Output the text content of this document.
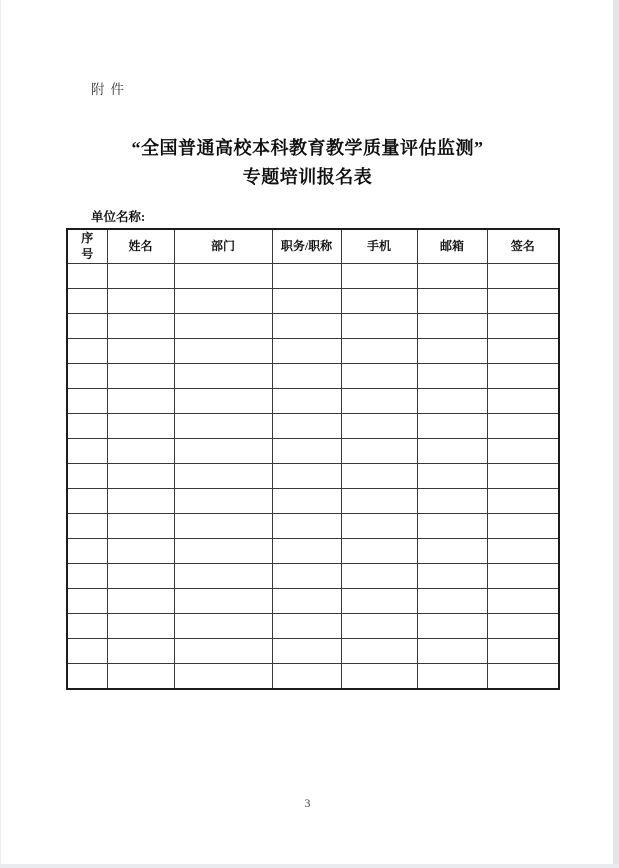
附件
“全国普通高校本科教育教学质量评估监测”
专题培训报名表
单位名称:
序号	姓名	部门	职务/职称	手机	邮箱	签名

3
